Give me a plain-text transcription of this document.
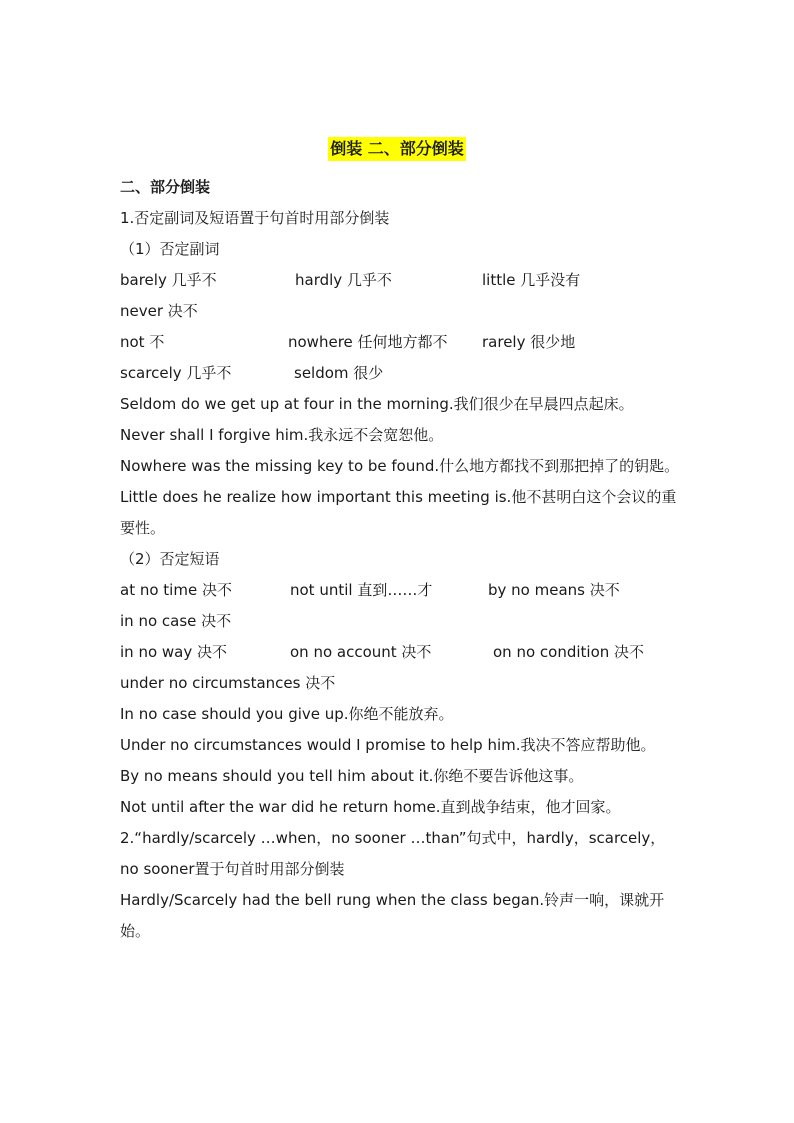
倒装 二、部分倒装
二、部分倒装
1.否定副词及短语置于句首时用部分倒装
（1）否定副词
barely 几乎不	hardly 几乎不	little 几乎没有
never 决不
not 不	nowhere 任何地方都不 rarely 很少地
scarcely 几乎不	seldom 很少
Seldom do we get up at four in the morning.我们很少在早晨四点起床。
Never shall I forgive him.我永远不会宽恕他。
Nowhere was the missing key to be found.什么地方都找不到那把掉了的钥匙。
Little does he realize how important this meeting is.他不甚明白这个会议的重要性。
（2）否定短语
at no time 决不	not until 直到……才	by no means 决不
in no case 决不
in no way 决不	on no account 决不	on no condition 决不
under no circumstances 决不
In no case should you give up.你绝不能放弃。
Under no circumstances would I promise to help him.我决不答应帮助他。
By no means should you tell him about it.你绝不要告诉他这事。
Not until after the war did he return home.直到战争结束，他才回家。
2.“hardly/scarcely …when，no sooner …than”句式中，hardly，scarcely，no sooner置于句首时用部分倒装
Hardly/Scarcely had the bell rung when the class began.铃声一响，课就开始。
